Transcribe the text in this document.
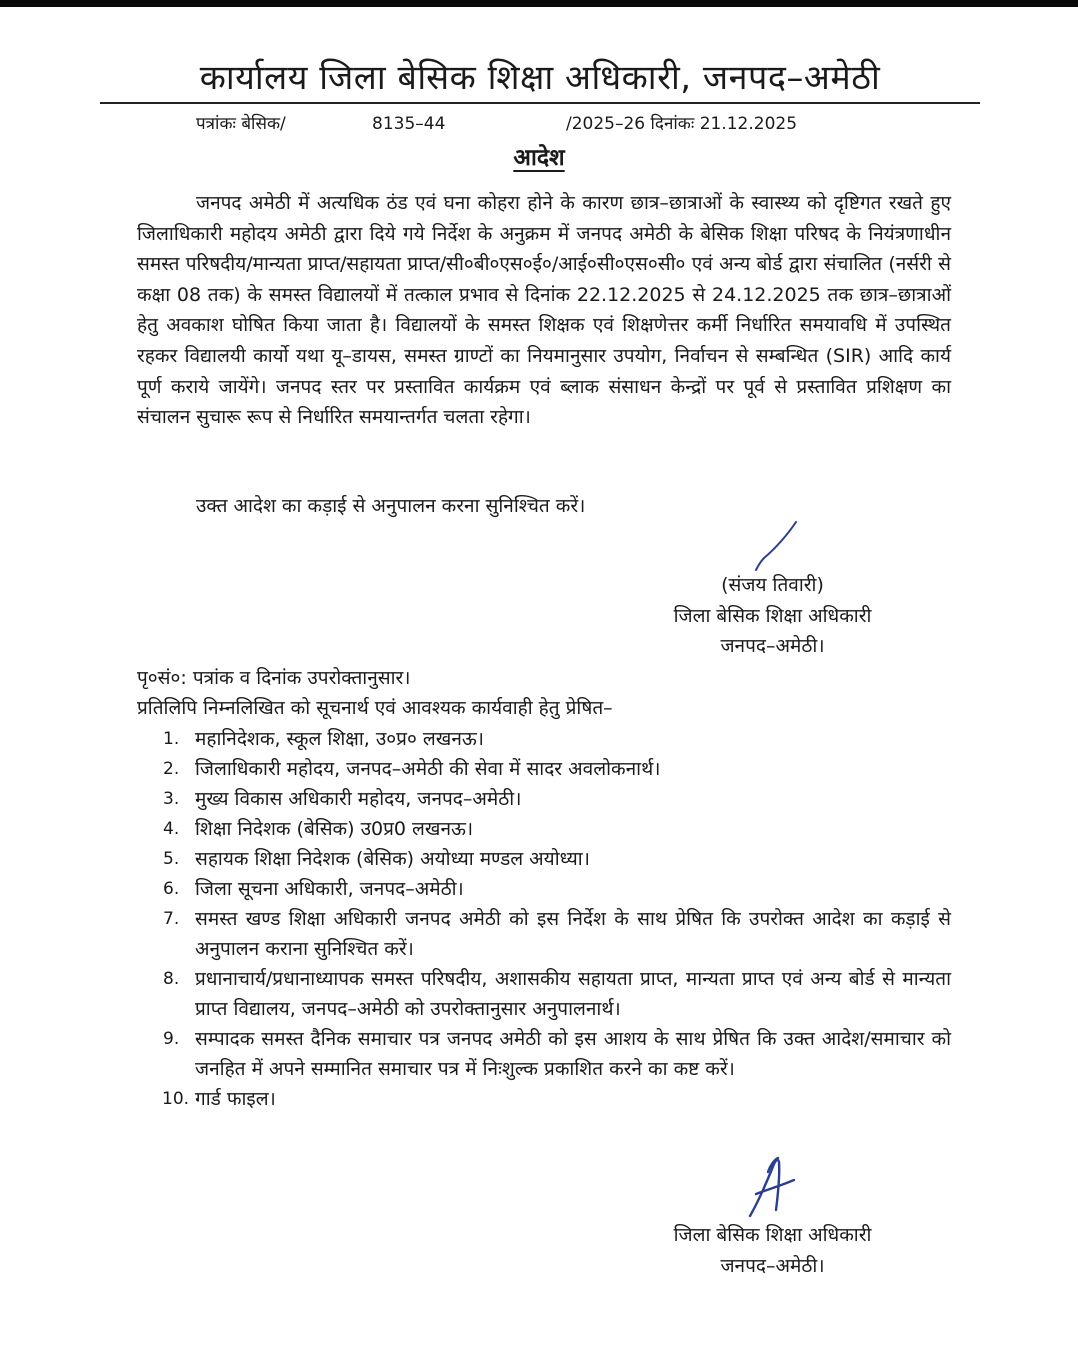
कार्यालय जिला बेसिक शिक्षा अधिकारी, जनपद–अमेठी
पत्रांकः बेसिक/	8135–44	/2025–26 दिनांकः 21.12.2025
आदेश

जनपद अमेठी में अत्यधिक ठंड एवं घना कोहरा होने के कारण छात्र–छात्राओं के स्वास्थ्य को दृष्टिगत रखते हुए जिलाधिकारी महोदय अमेठी द्वारा दिये गये निर्देश के अनुक्रम में जनपद अमेठी के बेसिक शिक्षा परिषद के नियंत्रणाधीन समस्त परिषदीय/मान्यता प्राप्त/सहायता प्राप्त/सी०बी०एस०ई०/आई०सी०एस०सी० एवं अन्य बोर्ड द्वारा संचालित (नर्सरी से कक्षा 08 तक) के समस्त विद्यालयों में तत्काल प्रभाव से दिनांक 22.12.2025 से 24.12.2025 तक छात्र–छात्राओं हेतु अवकाश घोषित किया जाता है। विद्यालयों के समस्त शिक्षक एवं शिक्षणेत्तर कर्मी निर्धारित समयावधि में उपस्थित रहकर विद्यालयी कार्यो यथा यू–डायस, समस्त ग्राण्टों का नियमानुसार उपयोग, निर्वाचन से सम्बन्धित (SIR) आदि कार्य पूर्ण कराये जायेंगे। जनपद स्तर पर प्रस्तावित कार्यक्रम एवं ब्लाक संसाधन केन्द्रों पर पूर्व से प्रस्तावित प्रशिक्षण का संचालन सुचारू रूप से निर्धारित समयान्तर्गत चलता रहेगा।

उक्त आदेश का कड़ाई से अनुपालन करना सुनिश्चित करें।

(संजय तिवारी)
जिला बेसिक शिक्षा अधिकारी
जनपद–अमेठी।

पृ०सं०: पत्रांक व दिनांक उपरोक्तानुसार।

प्रतिलिपि निम्नलिखित को सूचनार्थ एवं आवश्यक कार्यवाही हेतु प्रेषित–

1. महानिदेशक, स्कूल शिक्षा, उ०प्र० लखनऊ।
2. जिलाधिकारी महोदय, जनपद–अमेठी की सेवा में सादर अवलोकनार्थ।
3. मुख्य विकास अधिकारी महोदय, जनपद–अमेठी।
4. शिक्षा निदेशक (बेसिक) उ0प्र0 लखनऊ।
5. सहायक शिक्षा निदेशक (बेसिक) अयोध्या मण्डल अयोध्या।
6. जिला सूचना अधिकारी, जनपद–अमेठी।
7. समस्त खण्ड शिक्षा अधिकारी जनपद अमेठी को इस निर्देश के साथ प्रेषित कि उपरोक्त आदेश का कड़ाई से अनुपालन कराना सुनिश्चित करें।
8. प्रधानाचार्य/प्रधानाध्यापक समस्त परिषदीय, अशासकीय सहायता प्राप्त, मान्यता प्राप्त एवं अन्य बोर्ड से मान्यता प्राप्त विद्यालय, जनपद–अमेठी को उपरोक्तानुसार अनुपालनार्थ।
9. सम्पादक समस्त दैनिक समाचार पत्र जनपद अमेठी को इस आशय के साथ प्रेषित कि उक्त आदेश/समाचार को जनहित में अपने सम्मानित समाचार पत्र में निःशुल्क प्रकाशित करने का कष्ट करें।
10. गार्ड फाइल।
जिला बेसिक शिक्षा अधिकारी
जनपद–अमेठी।
